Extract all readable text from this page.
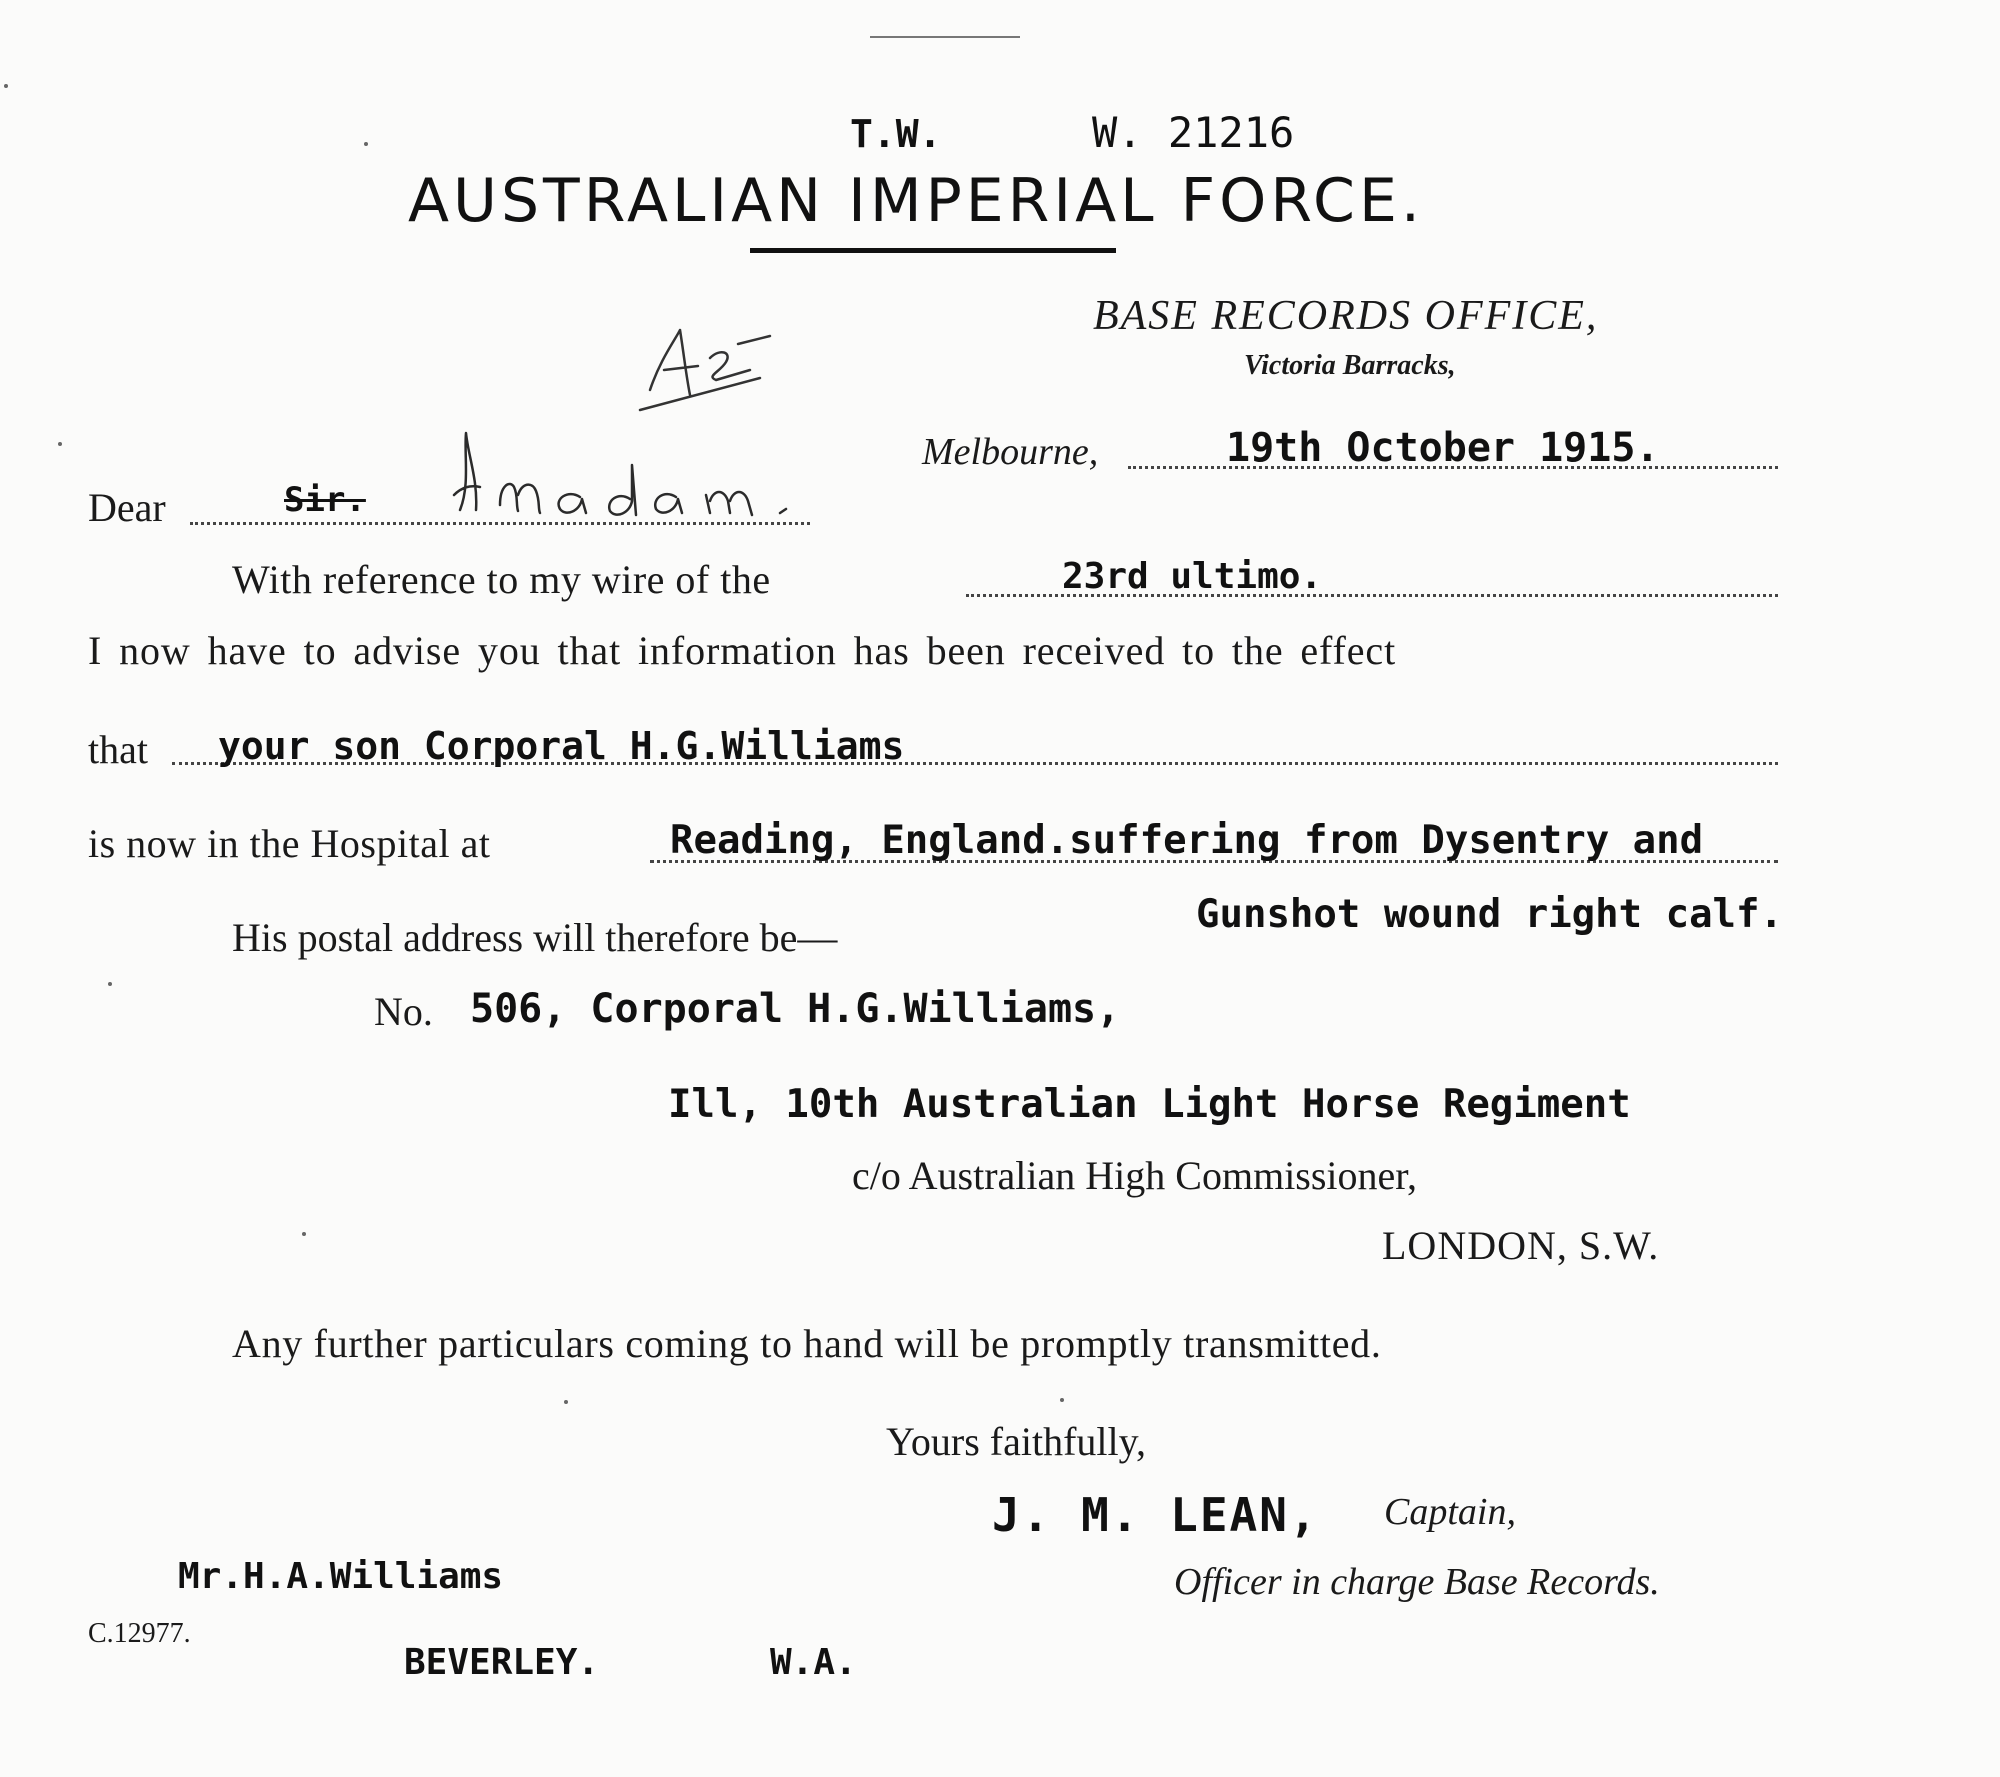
T.W.	W. 21216
AUSTRALIAN IMPERIAL FORCE.
BASE RECORDS OFFICE,
Victoria Barracks,
Melbourne,	19th October 1915.
Dear	Sir.
With reference to my wire of the	23rd ultimo.
I now have to advise you that information has been received to the effect
that your son Corporal H.G.Williams
is now in the Hospital at	Reading, England.suffering from Dysentry and
Gunshot wound right calf.
His postal address will therefore be—
No. 506, Corporal H.G.Williams,
Ill, 10th Australian Light Horse Regiment
c/o Australian High Commissioner,
LONDON, S.W.
Any further particulars coming to hand will be promptly transmitted.
Yours faithfully,
J. M. LEAN, Captain,
Officer in charge Base Records.
Mr.H.A.Williams
C.12977.
BEVERLEY.	W.A.
